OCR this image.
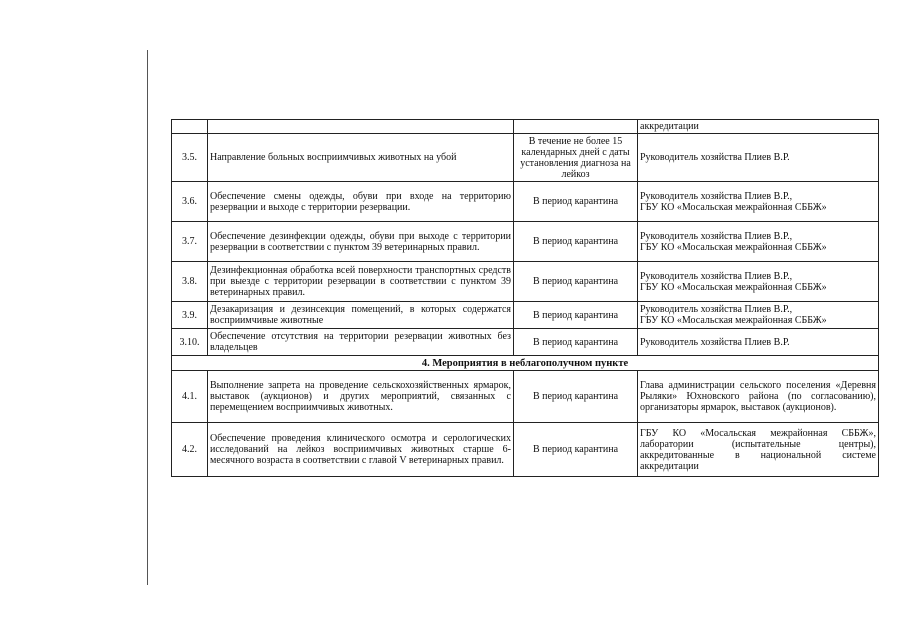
			аккредитации
3.5.	Направление больных восприимчивых животных на убой	В течение не более 15 календарных дней с даты установления диагноза на лейкоз	Руководитель хозяйства Плиев В.Р.

3.6.	Обеспечение смены одежды, обуви при входе на территорию резервации и выходе с территории резервации.	В период карантина	Руководитель хозяйства Плиев В.Р.,
ГБУ КО «Мосальская межрайонная СББЖ»

3.7.	Обеспечение дезинфекции одежды, обуви при выходе с территории резервации в соответствии с пунктом 39 ветеринарных правил.	В период карантина	Руководитель хозяйства Плиев В.Р.,
ГБУ КО «Мосальская межрайонная СББЖ»

3.8.	Дезинфекционная обработка всей поверхности транспортных средств при выезде с территории резервации в соответствии с пунктом 39 ветеринарных правил.	В период карантина	Руководитель хозяйства Плиев В.Р.,
ГБУ КО «Мосальская межрайонная СББЖ»

3.9.	Дезакаризация и дезинсекция помещений, в которых содержатся восприимчивые животные	В период карантина	Руководитель хозяйства Плиев В.Р.,
ГБУ КО «Мосальская межрайонная СББЖ»

3.10.	Обеспечение отсутствия на территории резервации животных без владельцев	В период карантина	Руководитель хозяйства Плиев В.Р.

4. Мероприятия в неблагополучном пункте			
4.1.	Выполнение запрета на проведение сельскохозяйственных ярмарок, выставок (аукционов) и других мероприятий, связанных с перемещением восприимчивых животных.	В период карантина	Глава администрации сельского поселения «Деревня Рыляки» Юхновского района (по согласованию), организаторы ярмарок, выставок (аукционов).
4.2.	Обеспечение проведения клинического осмотра и серологических исследований на лейкоз восприимчивых животных старше 6-месячного возраста в соответствии с главой V ветеринарных правил.	В период карантина	ГБУ КО «Мосальская межрайонная СББЖ», лаборатории (испытательные центры), аккредитованные в национальной системе аккредитации
